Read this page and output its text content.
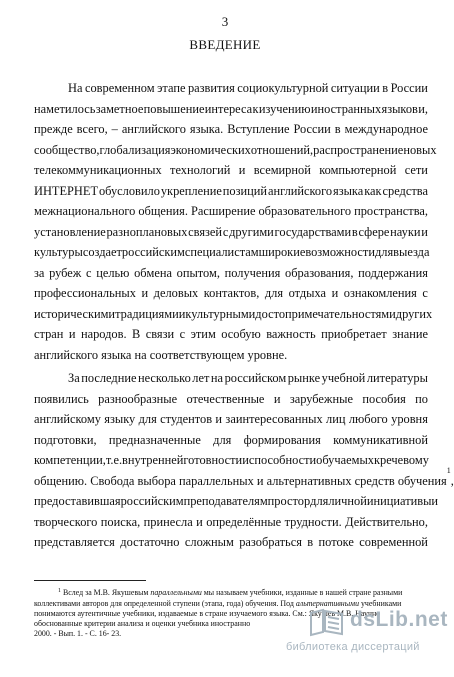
3
ВВЕДЕНИЕ
На современном этапе развития социокультурной ситуации в России
наметилось заметное повышение интереса к изучению иностранных языков и,
прежде всего, – английского языка. Вступление России в международное
сообщество, глобализация экономических отношений, распространение новых
телекоммуникационных технологий и всемирной компьютерной сети
ИНТЕРНЕТ обусловило укрепление позиций английского языка как средства
межнационального общения. Расширение образовательного пространства,
установление разноплановых связей с другими государствами в сфере науки и
культуры создает российским специалистам широкие возможности для выезда
за рубеж с целью обмена опытом, получения образования, поддержания
профессиональных и деловых контактов, для отдыха и ознакомления с
историческими традициями и культурными достопримечательностями других
стран и народов. В связи с этим особую важность приобретает знание
английского языка на соответствующем уровне.
За последние несколько лет на российском рынке учебной литературы
появились разнообразные отечественные и зарубежные пособия по
английскому языку для студентов и заинтересованных лиц любого уровня
подготовки, предназначенные для формирования коммуникативной
компетенции, т.е. внутренней готовности и способности обучаемых к речевому
общению. Свобода выбора параллельных и альтернативных средств обучения
1
,
предоставившая российским преподавателям простор для личной инициативы и
творческого поиска, принесла и определённые трудности. Действительно,
представляется достаточно сложным разобраться в потоке современной
$^1$ Вслед за М.В. Якушевым параллельными мы называем учебники, изданные в нашей стране разными
коллективами авторов для определенной ступени (этапа, года) обучения. Под альтернативными учебниками
понимаются аутентичные учебники, издаваемые в стране изучаемого языка. См.: Якушев М.В. Научно
обоснованные критерии анализа и оценки учебника иностранно
2000. - Вып. 1. - С. 16- 23.
dsLib.net
библиотека диссертаций
